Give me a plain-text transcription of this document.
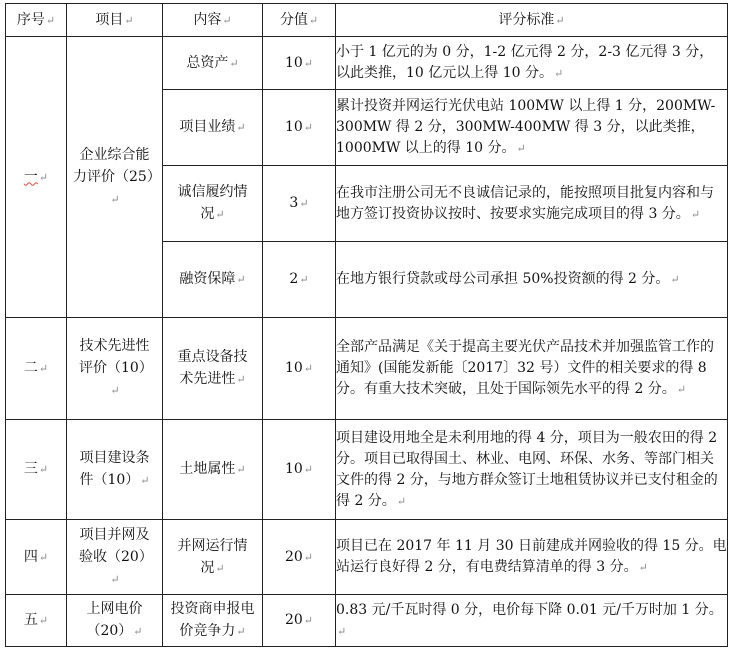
序号↵	项目↵	内容↵	分值↵	评分标准↵
一↵	企业综合能力评价（25）↵	总资产↵	10↵	小于 1 亿元的为 0 分，1-2 亿元得 2 分，2-3 亿元得 3 分，以此类推，10 亿元以上得 10 分。↵
		项目业绩↵	10↵	累计投资并网运行光伏电站 100MW 以上得 1 分，200MW-300MW 得 2 分，300MW-400MW 得 3 分，以此类推，1000MW 以上的得 10 分。↵
		诚信履约情况↵	3↵	在我市注册公司无不良诚信记录的，能按照项目批复内容和与地方签订投资协议按时、按要求实施完成项目的得 3 分。↵
		融资保障↵	2↵	在地方银行贷款或母公司承担 50%投资额的得 2 分。↵
二↵	技术先进性评价（10）↵	重点设备技术先进性↵	10↵	全部产品满足《关于提高主要光伏产品技术并加强监管工作的通知》(国能发新能〔2017〕32 号）文件的相关要求的得 8 分。有重大技术突破，且处于国际领先水平的得 2 分。↵
三↵	项目建设条件（10）↵	土地属性↵	10↵	项目建设用地全是未利用地的得 4 分，项目为一般农田的得 2 分。项目已取得国土、林业、电网、环保、水务、等部门相关文件的得 2 分，与地方群众签订土地租赁协议并已支付租金的得 2 分。↵
四↵	项目并网及验收（20）↵	并网运行情况↵	20↵	项目已在 2017 年 11 月 30 日前建成并网验收的得 15 分。电站运行良好得 2 分，有电费结算清单的得 3 分。↵
五↵	上网电价（20）↵	投资商申报电价竞争力↵	20↵	0.83 元/千瓦时得 0 分，电价每下降 0.01 元/千万时加 1 分。↵
